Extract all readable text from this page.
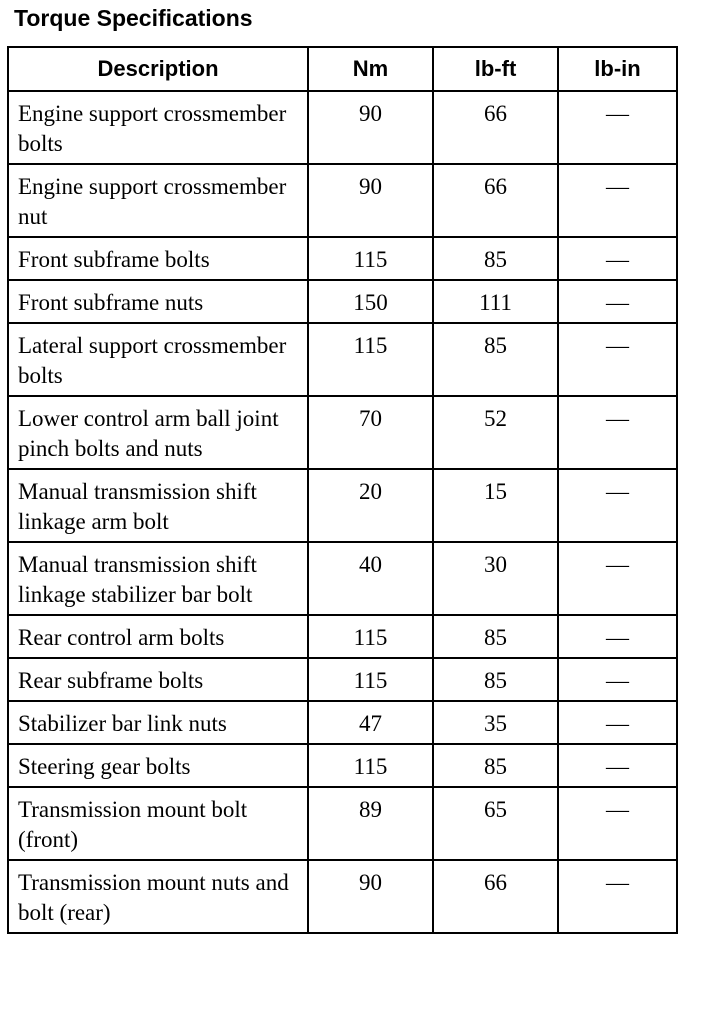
Torque Specifications
Description	Nm	lb-ft	lb-in
Engine support crossmember bolts	90	66	—
Engine support crossmember nut	90	66	—
Front subframe bolts	115	85	—
Front subframe nuts	150	111	—
Lateral support crossmember bolts	115	85	—
Lower control arm ball joint pinch bolts and nuts	70	52	—
Manual transmission shift linkage arm bolt	20	15	—
Manual transmission shift linkage stabilizer bar bolt	40	30	—
Rear control arm bolts	115	85	—
Rear subframe bolts	115	85	—
Stabilizer bar link nuts	47	35	—
Steering gear bolts	115	85	—
Transmission mount bolt (front)	89	65	—
Transmission mount nuts and bolt (rear)	90	66	—
